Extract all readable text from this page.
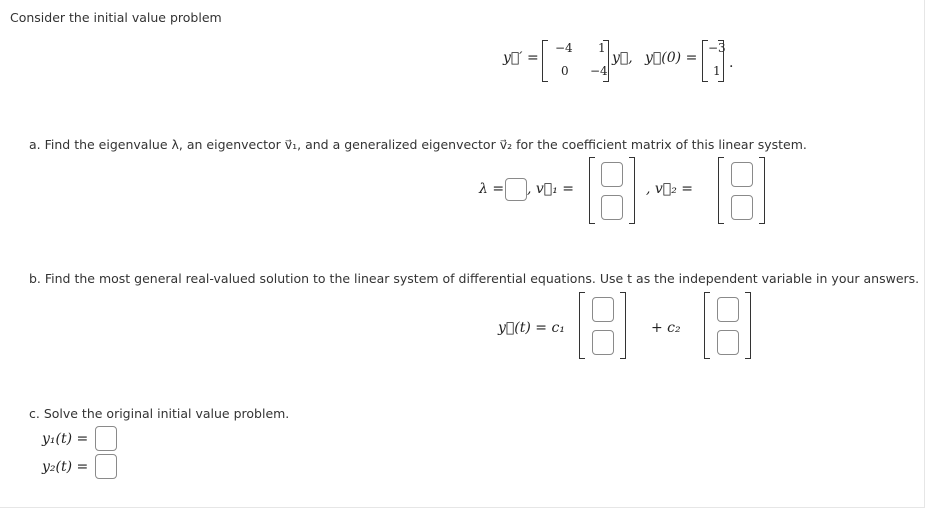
Consider the initial value problem
y⃗′ =
−4 1
0 −4
y⃗, y⃗(0) =
−3
1 .
a. Find the eigenvalue λ, an eigenvector v⃗₁, and a generalized eigenvector v⃗₂ for the coefficient matrix of this linear system.
λ = , v⃗₁ =	, v⃗₂ =
b. Find the most general real-valued solution to the linear system of differential equations. Use t as the independent variable in your answers.
y⃗(t) = c₁	+ c₂
c. Solve the original initial value problem.
y₁(t) =
y₂(t) =
